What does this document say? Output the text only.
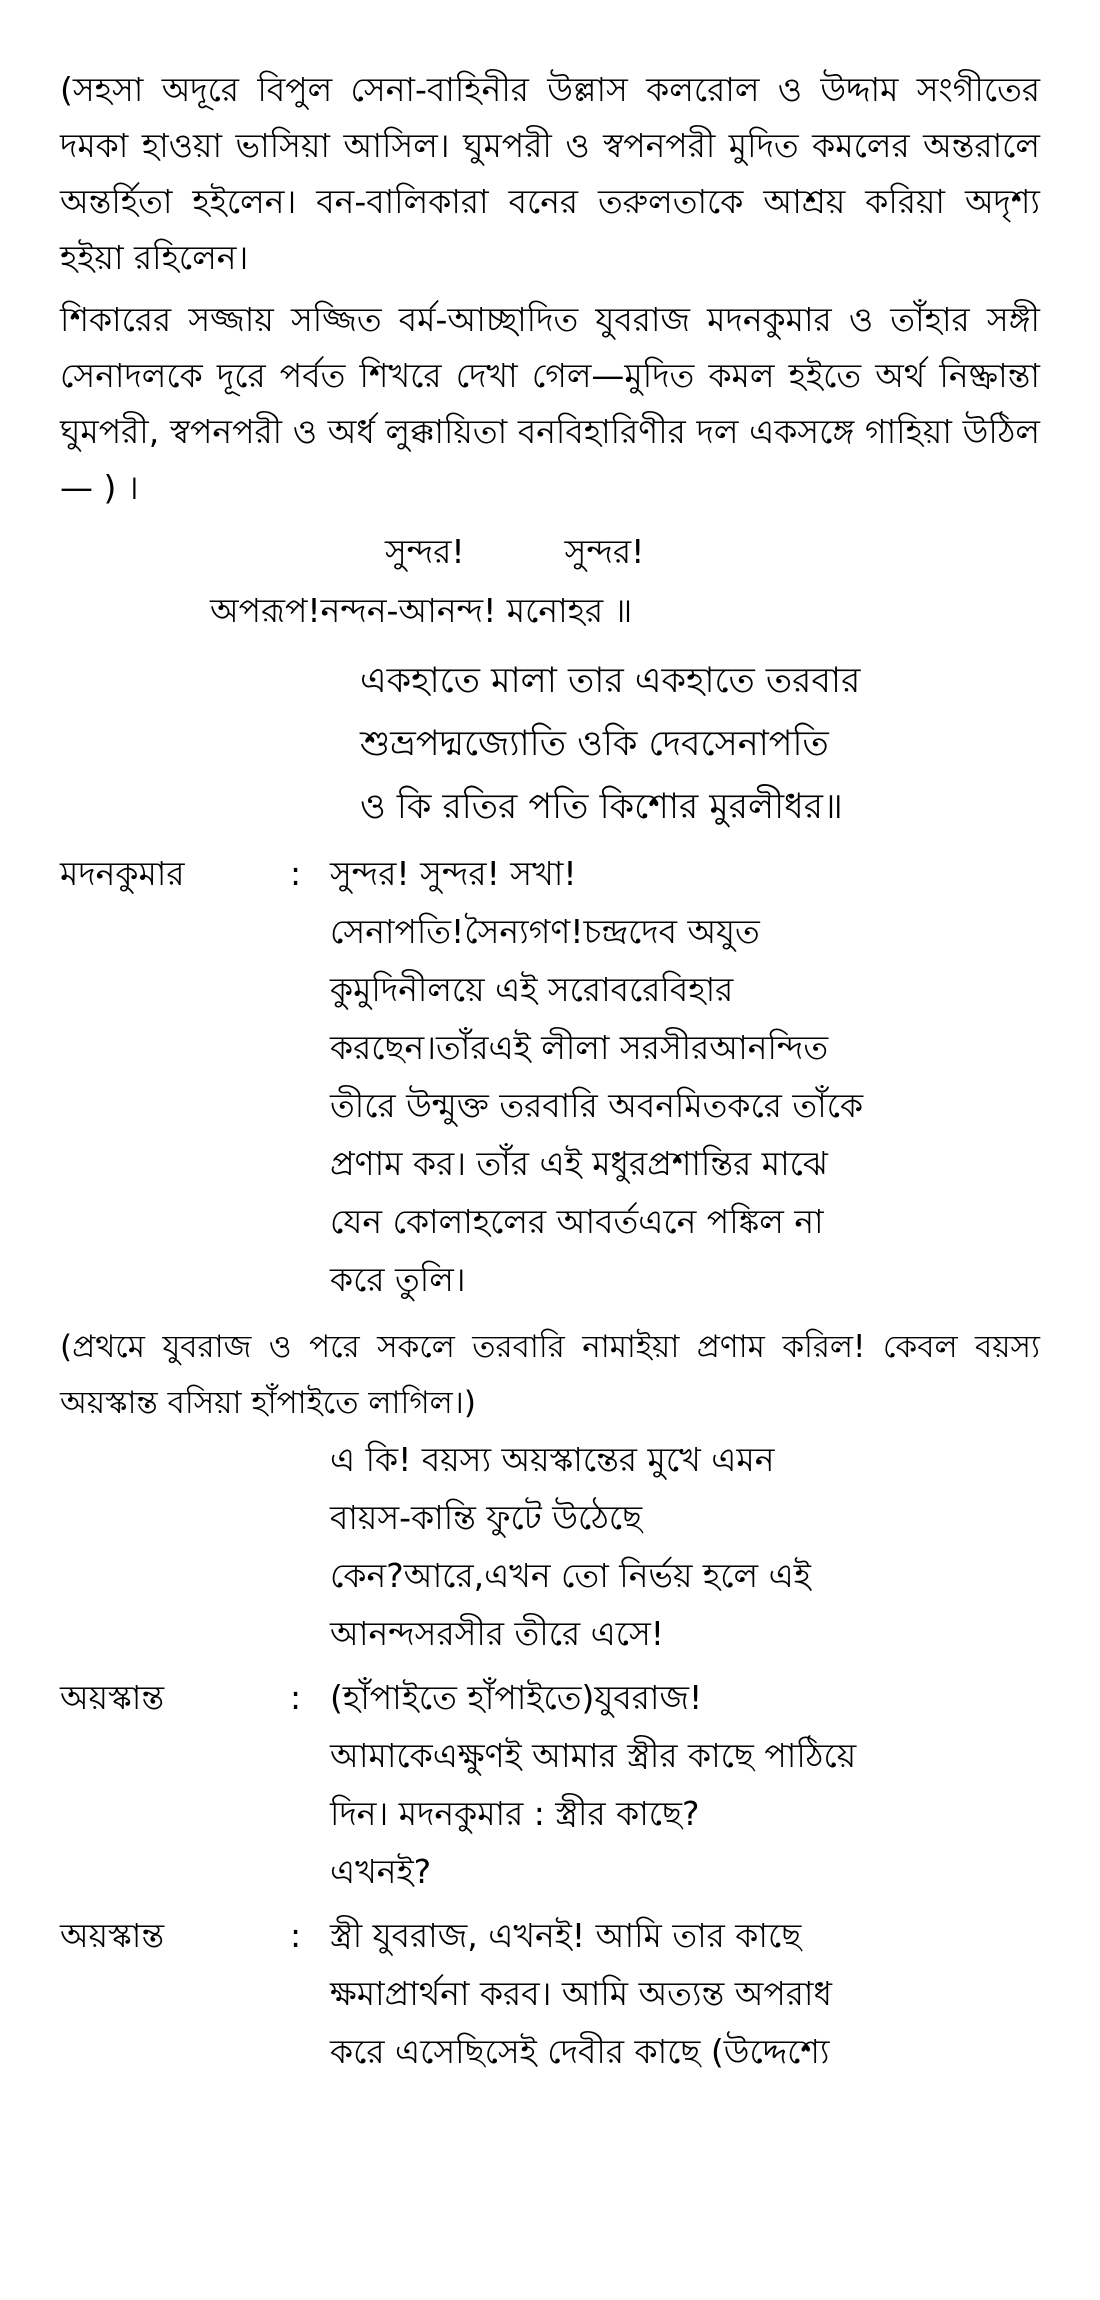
(সহসা অদূরে বিপুল সেনা-বাহিনীর উল্লাস কলরোল ও উদ্দাম সংগীতের দমকা হাওয়া ভাসিয়া আসিল। ঘুমপরী ও স্বপনপরী মুদিত কমলের অন্তরালে অন্তর্হিতা হইলেন। বন-বালিকারা বনের তরুলতাকে আশ্রয় করিয়া অদৃশ্য হইয়া রহিলেন।

শিকারের সজ্জায় সজ্জিত বর্ম-আচ্ছাদিত যুবরাজ মদনকুমার ও তাঁহার সঙ্গী সেনাদলকে দূরে পর্বত শিখরে দেখা গেল—মুদিত কমল হইতে অর্থ নিষ্ক্রান্তা ঘুমপরী, স্বপনপরী ও অর্ধ লুক্কায়িতা বনবিহারিণীর দল একসঙ্গে গাহিয়া উঠিল— ) ।

সুন্দর!	সুন্দর!
অপরূপ!নন্দন-আনন্দ! মনোহর ॥
একহাতে মালা তার একহাতে তরবার
শুভ্রপদ্মজ্যোতি ওকি দেবসেনাপতি
ও কি রতির পতি কিশোর মুরলীধর॥
মদনকুমার	: সুন্দর! সুন্দর! সখা!
সেনাপতি!সৈন্যগণ!চন্দ্রদেব অযুত
কুমুদিনীলয়ে এই সরোবরেবিহার
করছেন।তাঁরএই লীলা সরসীরআনন্দিত
তীরে উন্মুক্ত তরবারি অবনমিতকরে তাঁকে
প্রণাম কর। তাঁর এই মধুরপ্রশান্তির মাঝে
যেন কোলাহলের আবর্তএনে পঙ্কিল না
করে তুলি।

(প্রথমে যুবরাজ ও পরে সকলে তরবারি নামাইয়া প্রণাম করিল! কেবল বয়স্য অয়স্কান্ত বসিয়া হাঁপাইতে লাগিল।)

এ কি! বয়স্য অয়স্কান্তের মুখে এমন
বায়স-কান্তি ফুটে উঠেছে
কেন?আরে,এখন তো নির্ভয় হলে এই
আনন্দসরসীর তীরে এসে!
অয়স্কান্ত	: (হাঁপাইতে হাঁপাইতে)যুবরাজ!
আমাকেএক্ষুণই আমার স্ত্রীর কাছে পাঠিয়ে
দিন। মদনকুমার : স্ত্রীর কাছে?
এখনই?
অয়স্কান্ত	: স্ত্রী যুবরাজ, এখনই! আমি তার কাছে
ক্ষমাপ্রার্থনা করব। আমি অত্যন্ত অপরাধ
করে এসেছিসেই দেবীর কাছে (উদ্দেশ্যে
